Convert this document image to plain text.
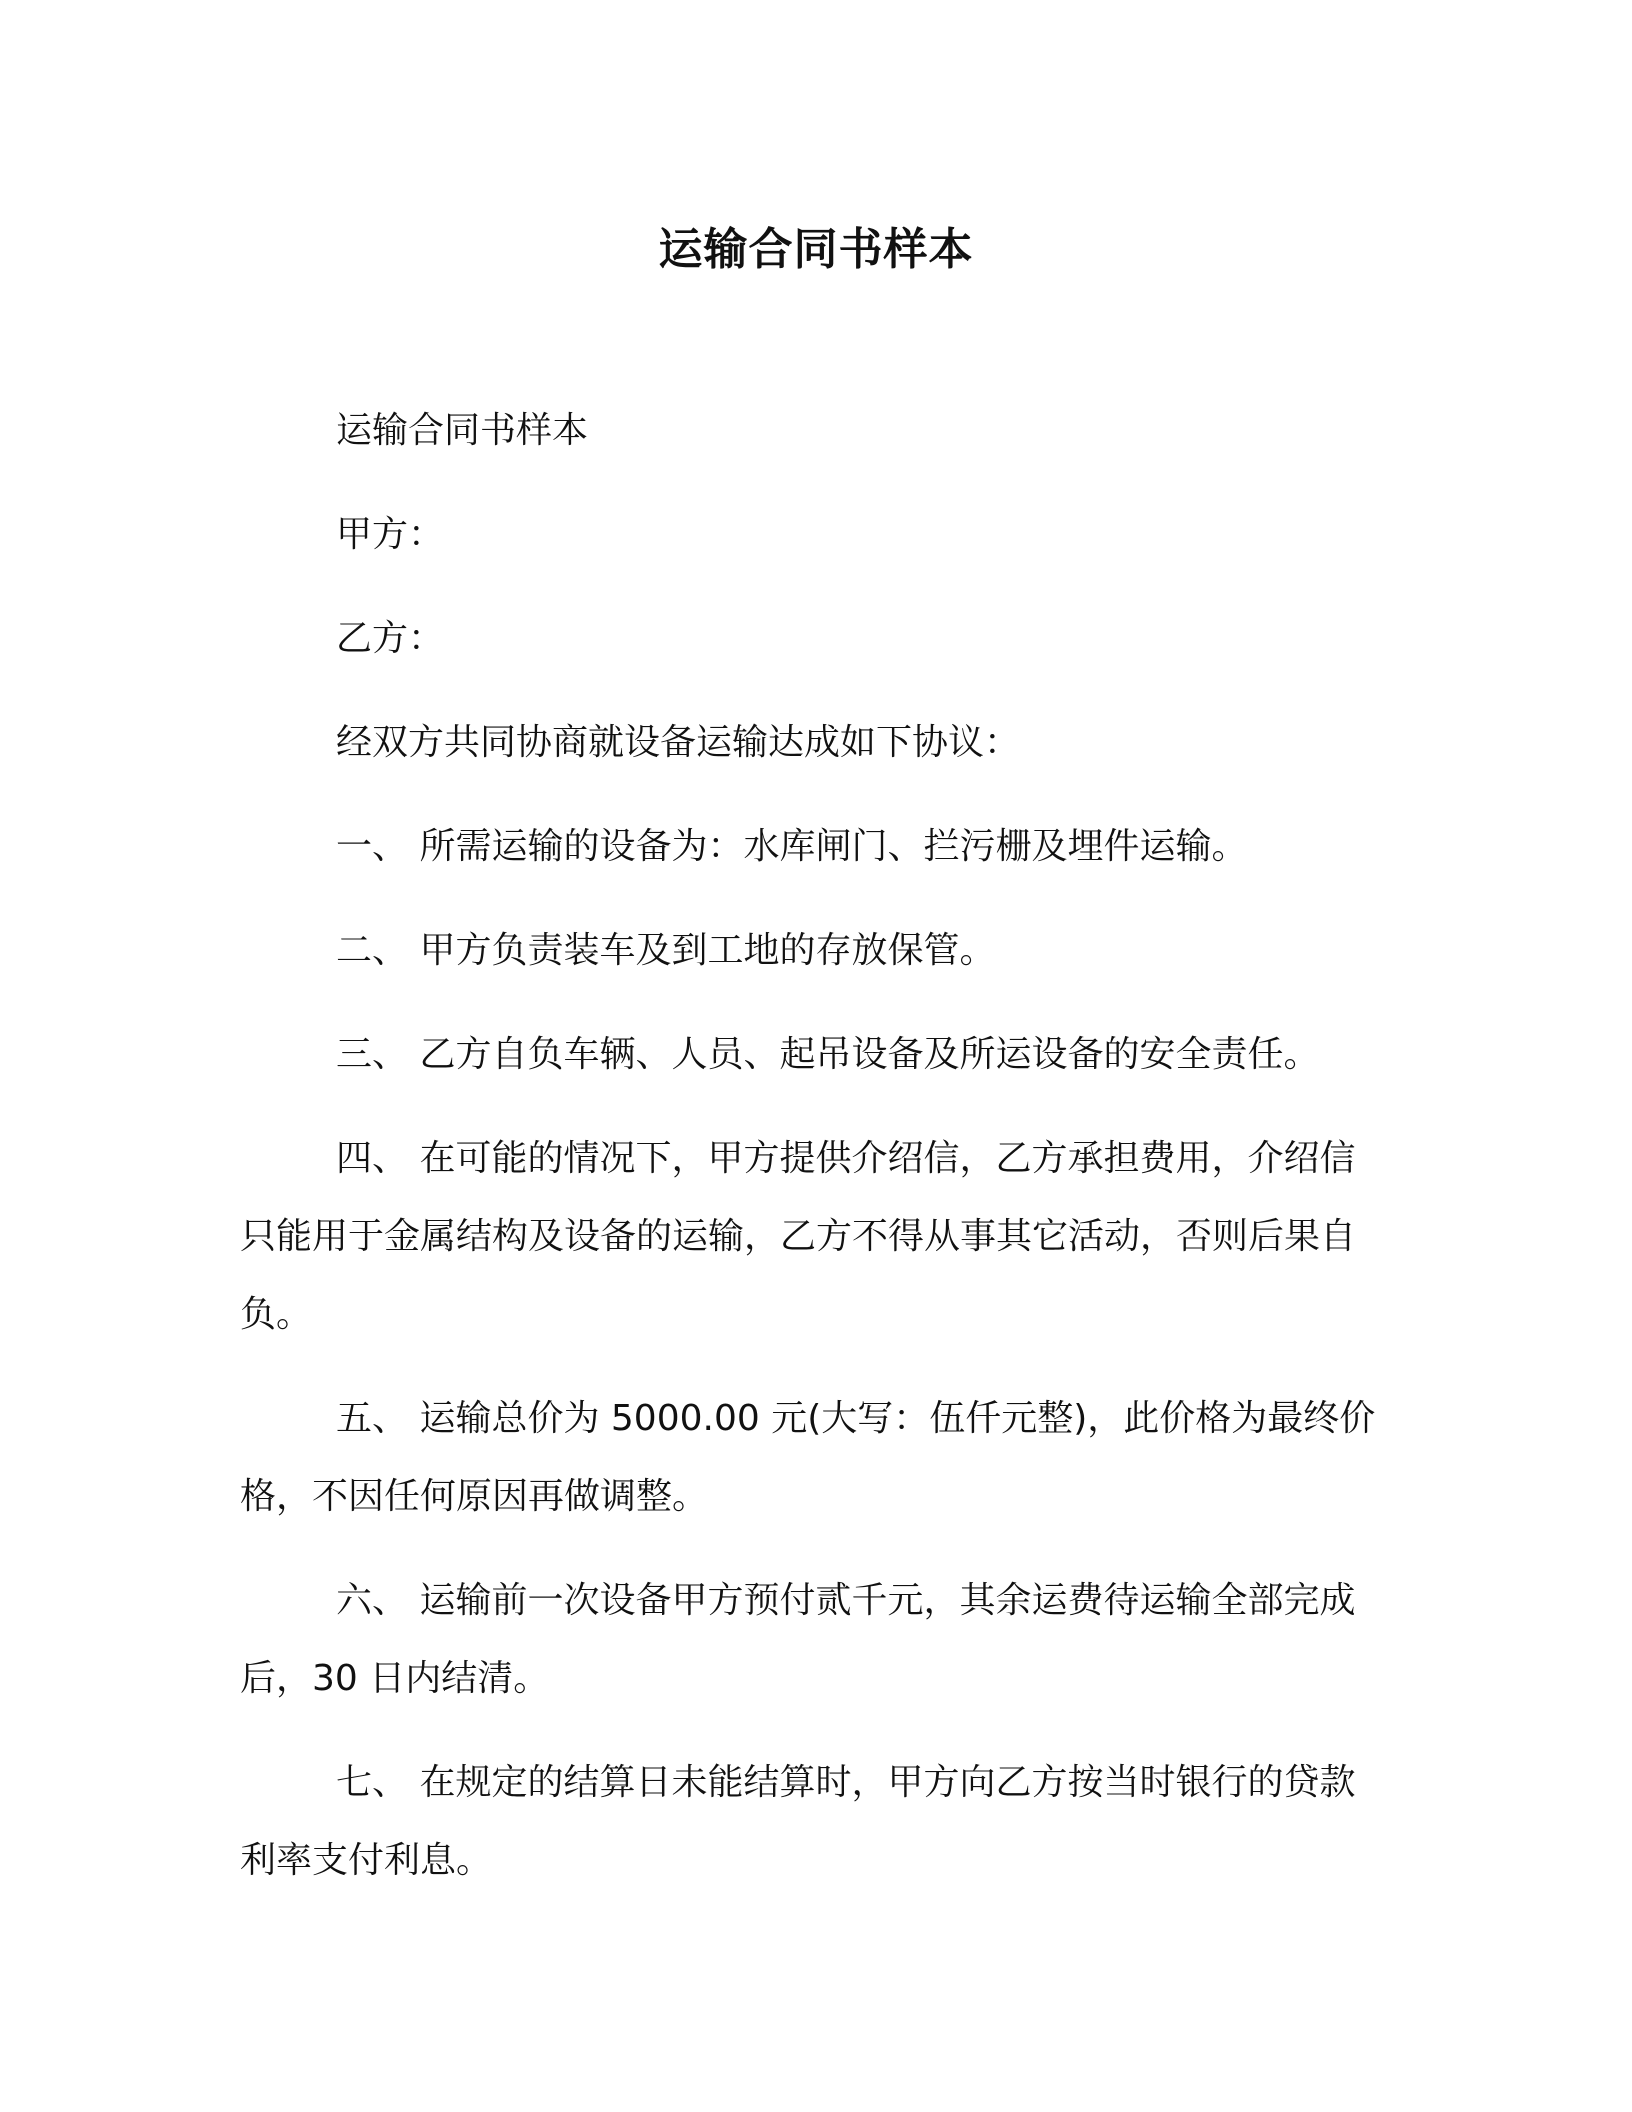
运输合同书样本

运输合同书样本

甲方：

乙方：

经双方共同协商就设备运输达成如下协议：

一、 所需运输的设备为：水库闸门、拦污栅及埋件运输。

二、 甲方负责装车及到工地的存放保管。

三、 乙方自负车辆、人员、起吊设备及所运设备的安全责任。

四、 在可能的情况下，甲方提供介绍信，乙方承担费用，介绍信只能用于金属结构及设备的运输，乙方不得从事其它活动，否则后果自负。

五、 运输总价为 5000.00 元(大写：伍仟元整)，此价格为最终价格，不因任何原因再做调整。

六、 运输前一次设备甲方预付贰千元，其余运费待运输全部完成后，30 日内结清。

七、 在规定的结算日未能结算时，甲方向乙方按当时银行的贷款利率支付利息。
